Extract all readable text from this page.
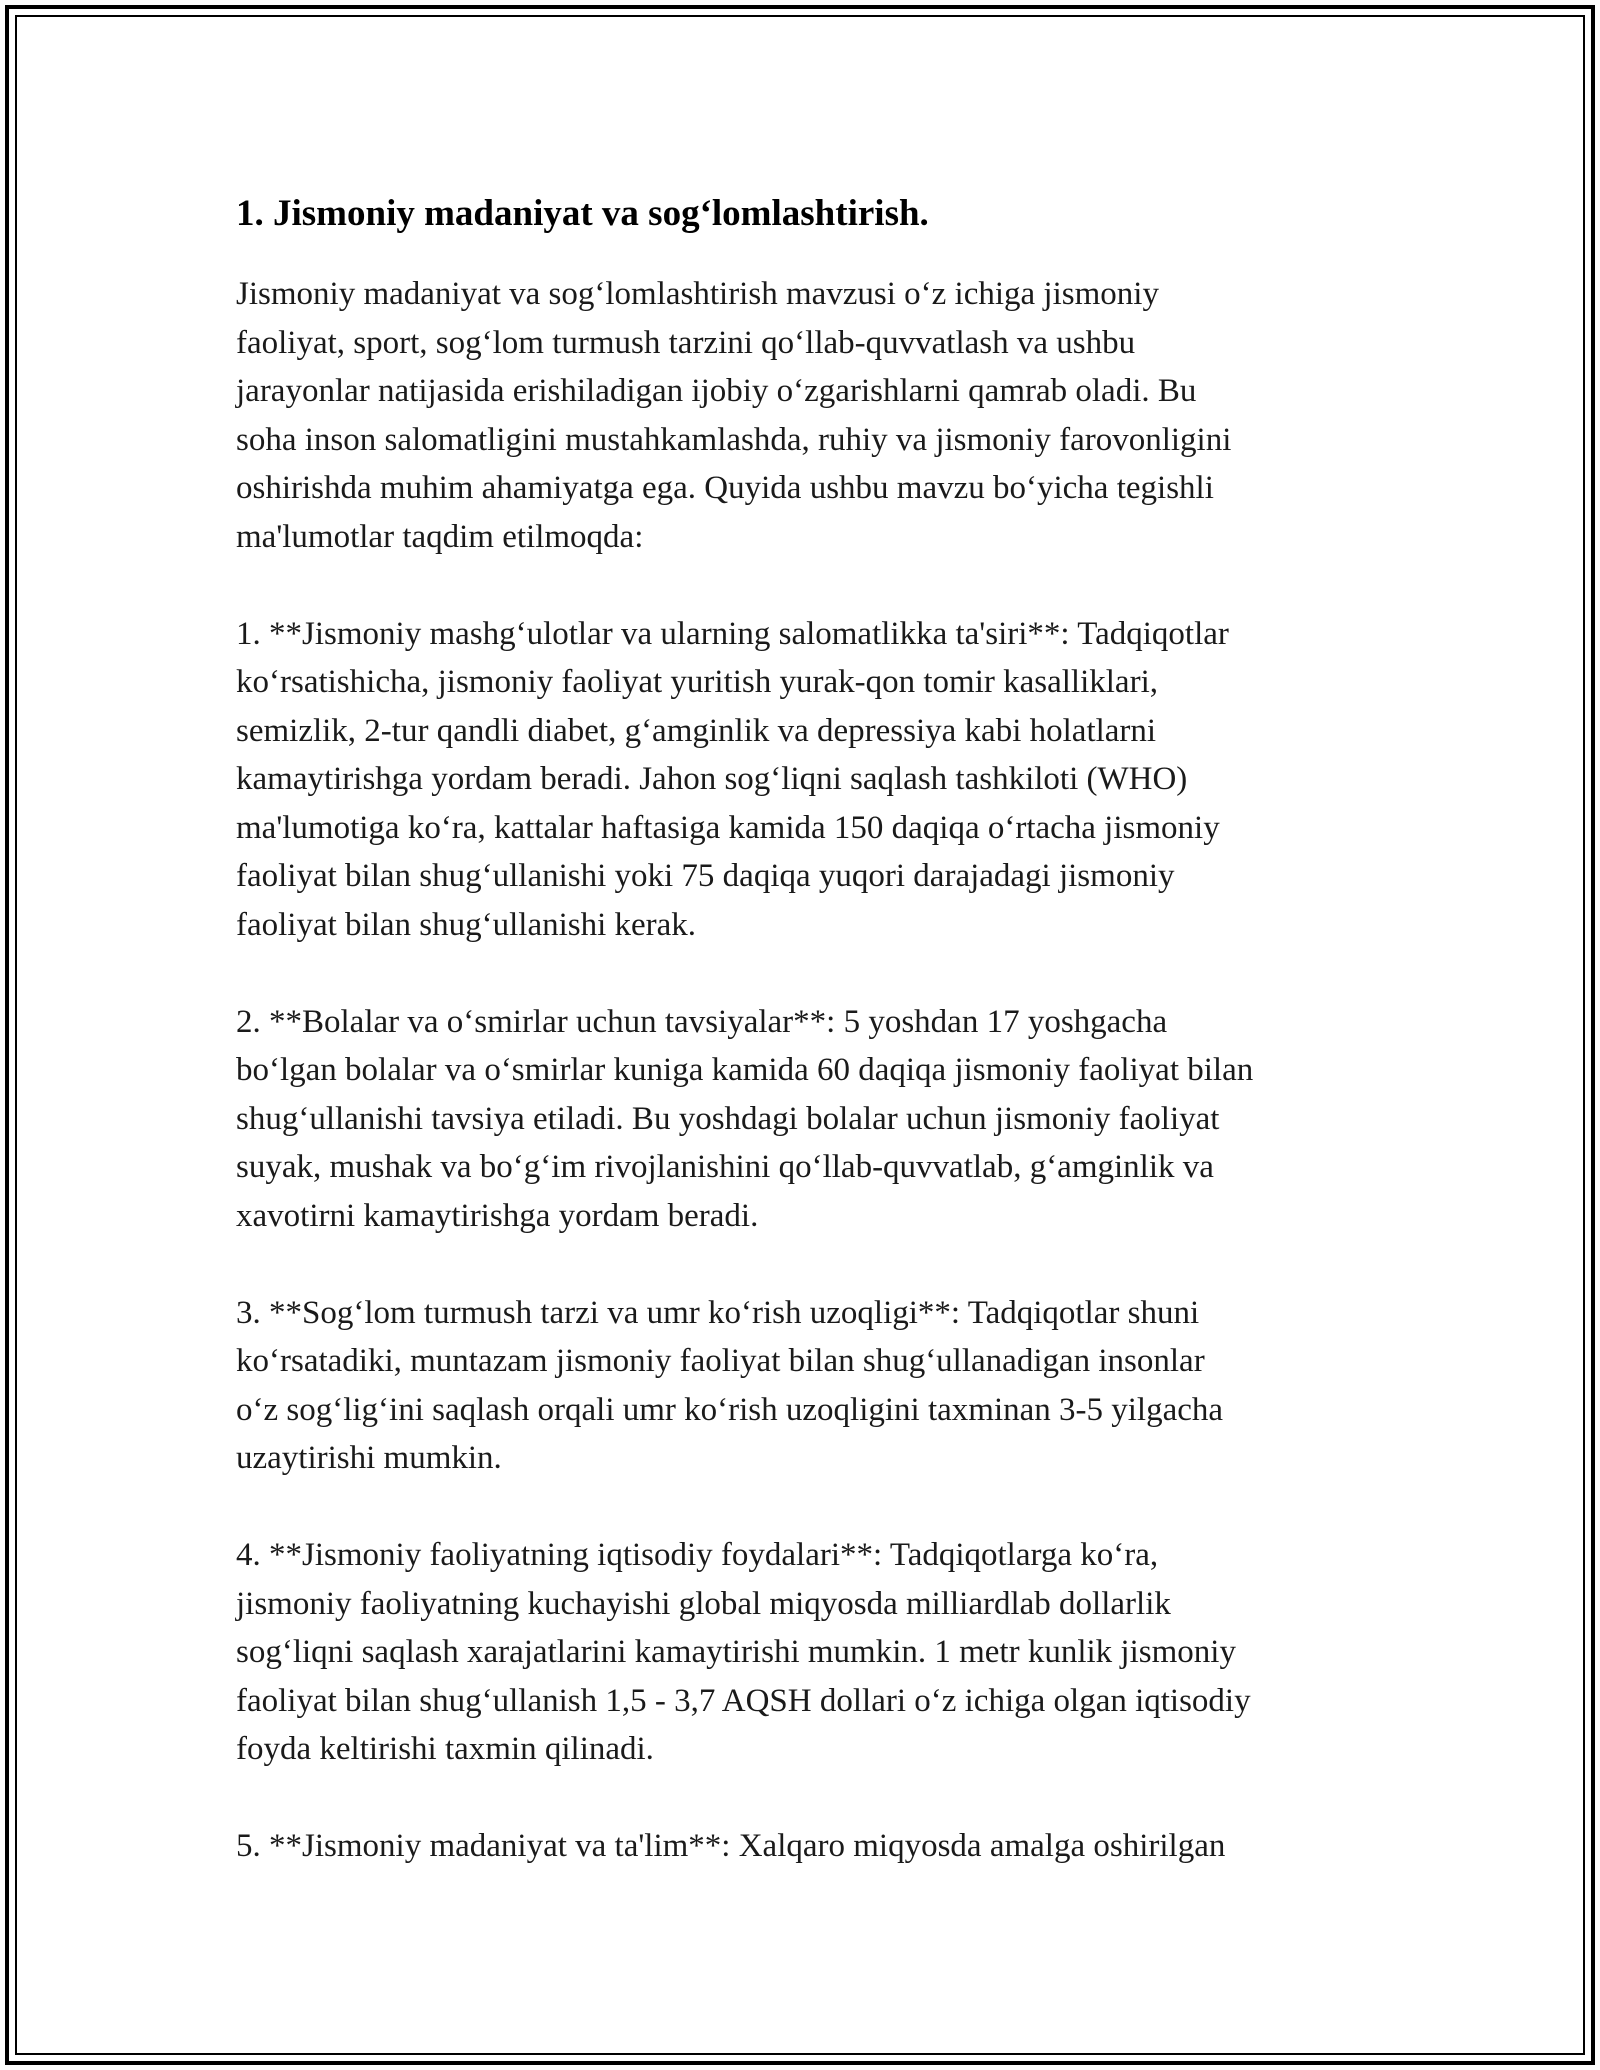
1. Jismoniy madaniyat va sog‘lomlashtirish.

Jismoniy madaniyat va sog‘lomlashtirish mavzusi o‘z ichiga jismoniy
faoliyat, sport, sog‘lom turmush tarzini qo‘llab-quvvatlash va ushbu
jarayonlar natijasida erishiladigan ijobiy o‘zgarishlarni qamrab oladi. Bu
soha inson salomatligini mustahkamlashda, ruhiy va jismoniy farovonligini
oshirishda muhim ahamiyatga ega. Quyida ushbu mavzu bo‘yicha tegishli
ma'lumotlar taqdim etilmoqda:

1. **Jismoniy mashg‘ulotlar va ularning salomatlikka ta'siri**: Tadqiqotlar
ko‘rsatishicha, jismoniy faoliyat yuritish yurak-qon tomir kasalliklari,
semizlik, 2-tur qandli diabet, g‘amginlik va depressiya kabi holatlarni
kamaytirishga yordam beradi. Jahon sog‘liqni saqlash tashkiloti (WHO)
ma'lumotiga ko‘ra, kattalar haftasiga kamida 150 daqiqa o‘rtacha jismoniy
faoliyat bilan shug‘ullanishi yoki 75 daqiqa yuqori darajadagi jismoniy
faoliyat bilan shug‘ullanishi kerak.

2. **Bolalar va o‘smirlar uchun tavsiyalar**: 5 yoshdan 17 yoshgacha
bo‘lgan bolalar va o‘smirlar kuniga kamida 60 daqiqa jismoniy faoliyat bilan
shug‘ullanishi tavsiya etiladi. Bu yoshdagi bolalar uchun jismoniy faoliyat
suyak, mushak va bo‘g‘im rivojlanishini qo‘llab-quvvatlab, g‘amginlik va
xavotirni kamaytirishga yordam beradi.

3. **Sog‘lom turmush tarzi va umr ko‘rish uzoqligi**: Tadqiqotlar shuni
ko‘rsatadiki, muntazam jismoniy faoliyat bilan shug‘ullanadigan insonlar
o‘z sog‘lig‘ini saqlash orqali umr ko‘rish uzoqligini taxminan 3-5 yilgacha
uzaytirishi mumkin.

4. **Jismoniy faoliyatning iqtisodiy foydalari**: Tadqiqotlarga ko‘ra,
jismoniy faoliyatning kuchayishi global miqyosda milliardlab dollarlik
sog‘liqni saqlash xarajatlarini kamaytirishi mumkin. 1 metr kunlik jismoniy
faoliyat bilan shug‘ullanish 1,5 - 3,7 AQSH dollari o‘z ichiga olgan iqtisodiy
foyda keltirishi taxmin qilinadi.

5. **Jismoniy madaniyat va ta'lim**: Xalqaro miqyosda amalga oshirilgan
